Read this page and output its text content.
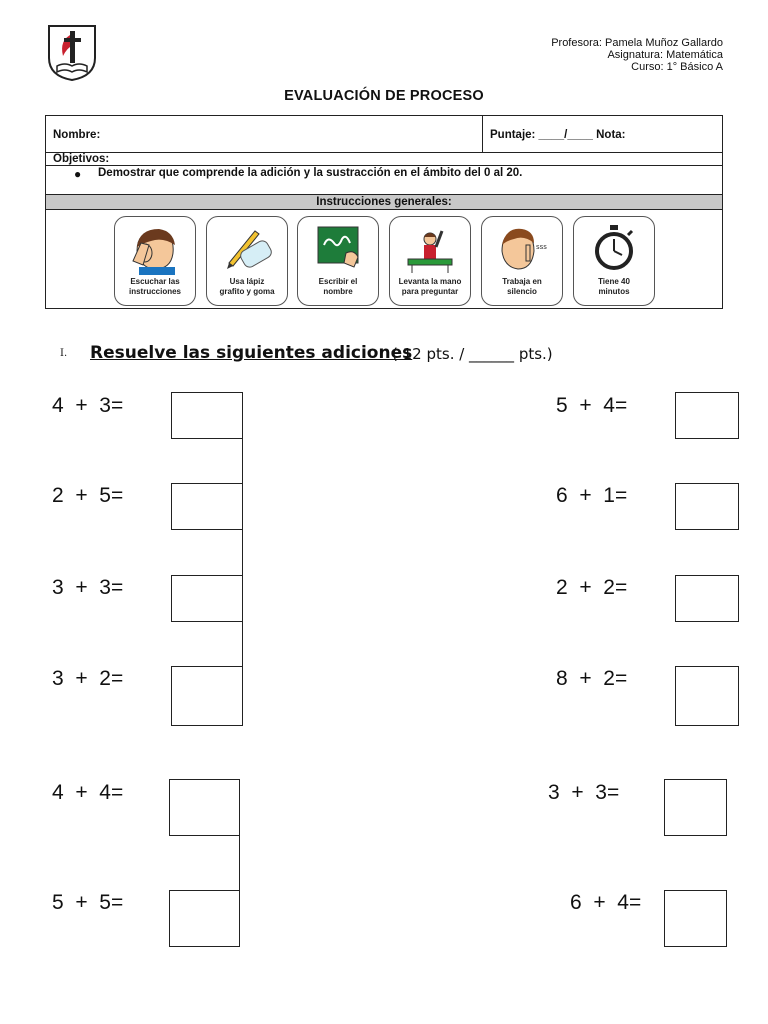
Profesora: Pamela Muñoz Gallardo
Asignatura: Matemática
Curso: 1° Básico A
EVALUACIÓN DE PROCESO
Nombre:	Puntaje: ____/____ Nota:
Objetivos:
● Demostrar que comprende la adición y la sustracción en el ámbito del 0 al 20.
Instrucciones generales:
Escuchar las
instrucciones
Usa lápiz
grafito y goma
Escribir el
nombre
Levanta la mano
para preguntar
sss
Trabaja en
silencio
Tiene 40
minutos
I. Resuelve las siguientes adiciones
( 12 pts. / ______ pts.)
4  +  3=
2  +  5=
3  +  3=
3  +  2=
4  +  4=
5  +  5=
5  +  4=
6  +  1=
2  +  2=
8  +  2=
3  +  3=
6  +  4=
